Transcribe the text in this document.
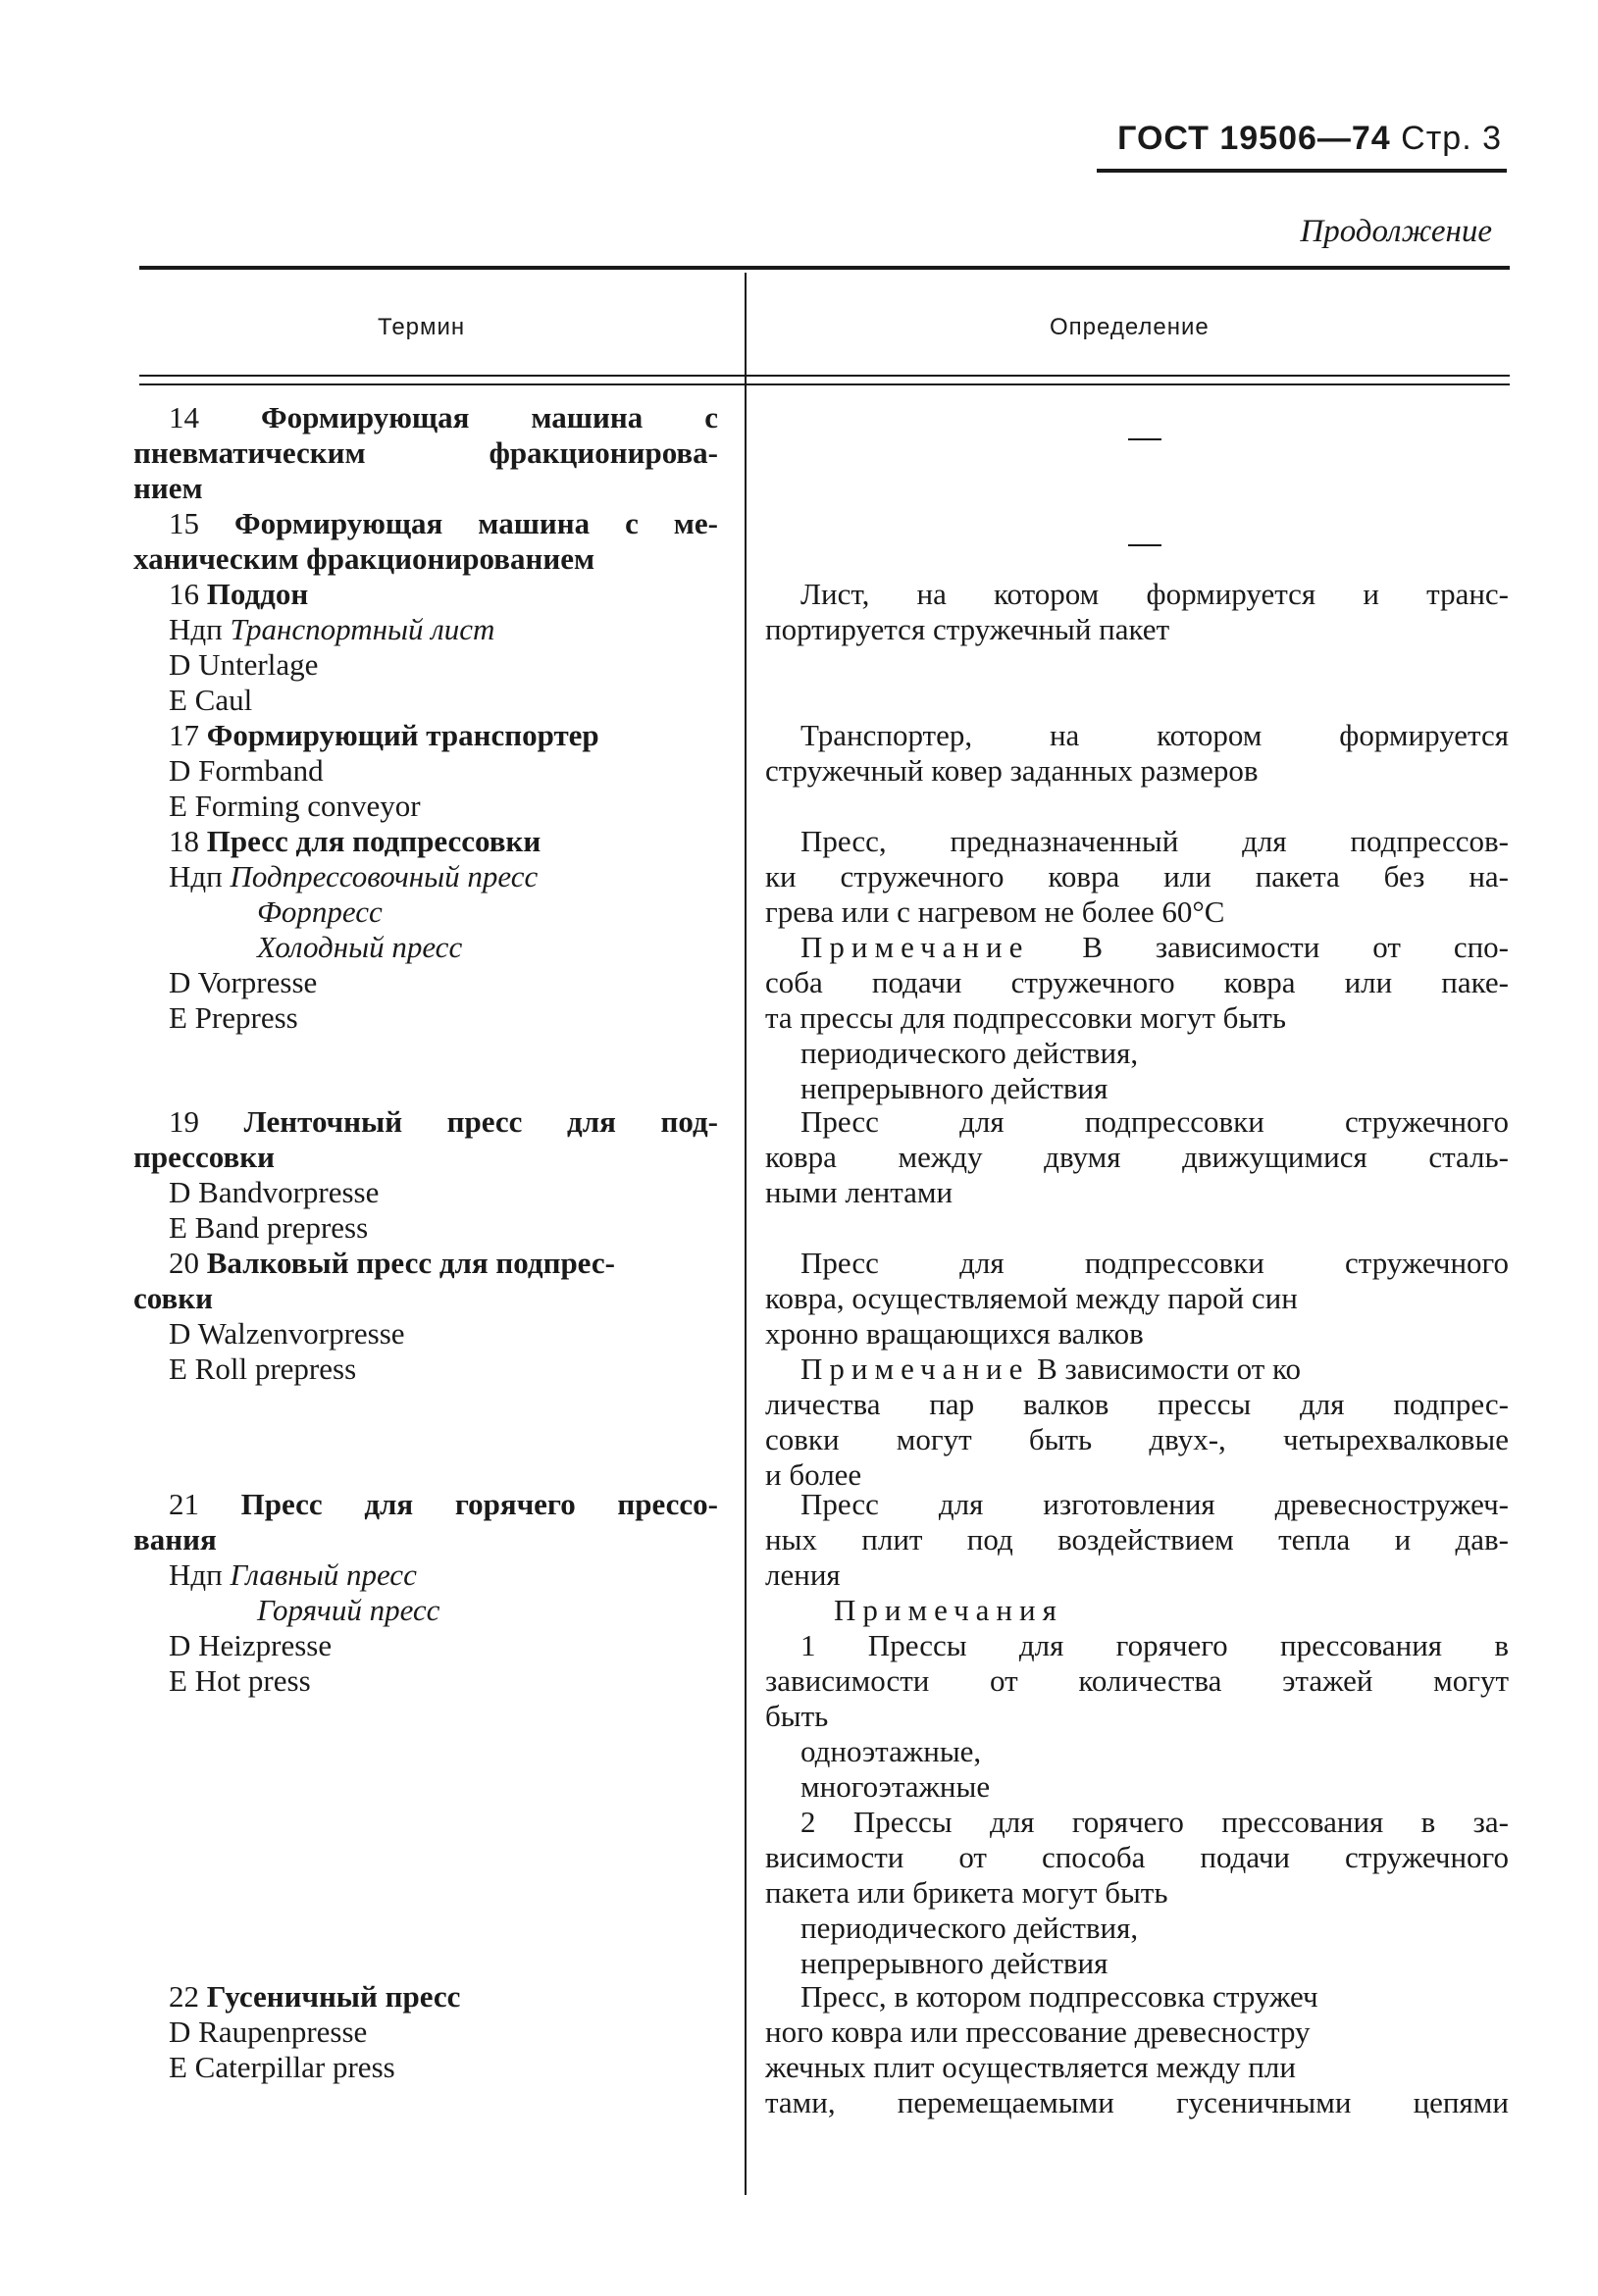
ГОСТ 19506—74 Стр. 3
Продолжение
Термин	Определение
14 Формирующая машина с
пневматическим фракционирова-
нием
15 Формирующая машина с ме-
ханическим фракционированием
16 Поддон
Ндп Транспортный лист
D Unterlage
E Caul
17 Формирующий транспортер
D Formband
E Forming conveyor
18 Пресс для подпрессовки
Ндп Подпрессовочный пресс
Форпресс
Холодный пресс
D Vorpresse
E Prepress
19 Ленточный пресс для под-
прессовки
D Bandvorpresse
E Band prepress
20 Валковый пресс для подпрес-
совки
D Walzenvorpresse
E Roll prepress
21 Пресс для горячего прессо-
вания
Ндп Главный пресс
Горячий пресс
D Heizpresse
E Hot press
22 Гусеничный пресс
D Raupenpresse
E Caterpillar press
Лист, на котором формируется и транс-
портируется стружечный пакет
Транспортер, на котором формируется
стружечный ковер заданных размеров
Пресс, предназначенный для подпрессов-
ки стружечного ковра или пакета без на-
грева или с нагревом не более 60°С
Примечание В зависимости от спо-
соба подачи стружечного ковра или паке-
та прессы для подпрессовки могут быть
периодического действия,
непрерывного действия
Пресс для подпрессовки стружечного
ковра между двумя движущимися сталь-
ными лентами
Пресс для подпрессовки стружечного
ковра, осуществляемой между парой син
хронно вращающихся валков
Примечание В зависимости от ко
личества пар валков прессы для подпрес-
совки могут быть двух-, четырехвалковые
и более
Пресс для изготовления древесностружеч-
ных плит под воздействием тепла и дав-
ления
Примечания
1 Прессы для горячего прессования в
зависимости от количества этажей могут
быть
одноэтажные,
многоэтажные
2 Прессы для горячего прессования в за-
висимости от способа подачи стружечного
пакета или брикета могут быть
периодического действия,
непрерывного действия
Пресс, в котором подпрессовка стружеч
ного ковра или прессование древесностру
жечных плит осуществляется между пли
тами, перемещаемыми гусеничными цепями
